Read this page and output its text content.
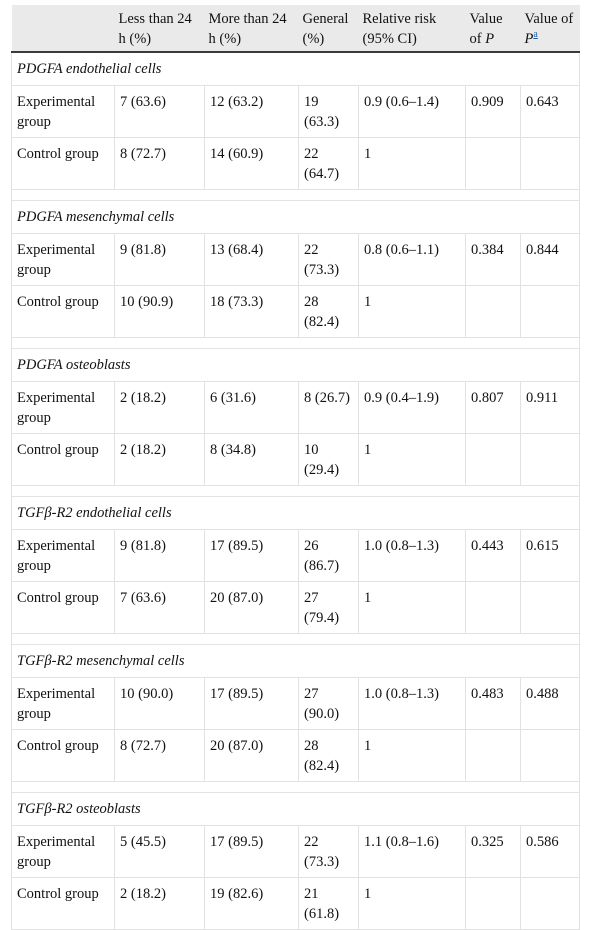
	Less than 24 h (%)	More than 24 h (%)	General (%)	Relative risk (95% CI)	Value of P	Value of $P^a$
PDGFA endothelial cells						
Experimental group	7 (63.6)	12 (63.2)	19 (63.3)	0.9 (0.6–1.4)	0.909	0.643
Control group	8 (72.7)	14 (60.9)	22 (64.7)	1		

PDGFA mesenchymal cells						
Experimental group	9 (81.8)	13 (68.4)	22 (73.3)	0.8 (0.6–1.1)	0.384	0.844
Control group	10 (90.9)	18 (73.3)	28 (82.4)	1		

PDGFA osteoblasts						
Experimental group	2 (18.2)	6 (31.6)	8 (26.7)	0.9 (0.4–1.9)	0.807	0.911
Control group	2 (18.2)	8 (34.8)	10 (29.4)	1		

TGFβ-R2 endothelial cells						
Experimental group	9 (81.8)	17 (89.5)	26 (86.7)	1.0 (0.8–1.3)	0.443	0.615
Control group	7 (63.6)	20 (87.0)	27 (79.4)	1		

TGFβ-R2 mesenchymal cells						
Experimental group	10 (90.0)	17 (89.5)	27 (90.0)	1.0 (0.8–1.3)	0.483	0.488
Control group	8 (72.7)	20 (87.0)	28 (82.4)	1		

TGFβ-R2 osteoblasts						
Experimental group	5 (45.5)	17 (89.5)	22 (73.3)	1.1 (0.8–1.6)	0.325	0.586
Control group	2 (18.2)	19 (82.6)	21 (61.8)	1		
